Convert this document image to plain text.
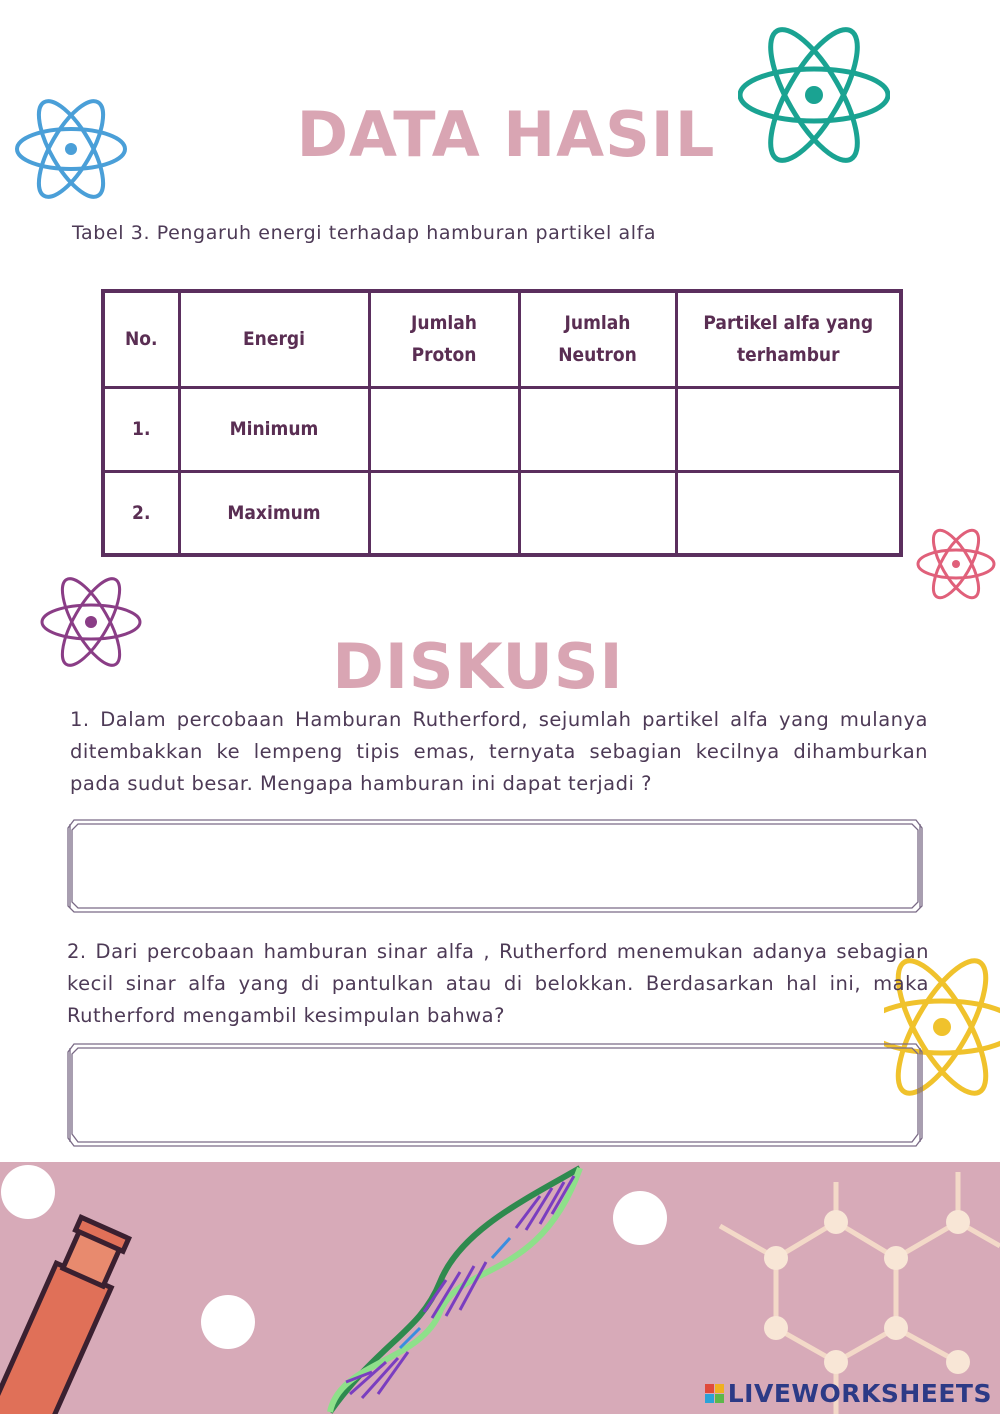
DATA HASIL
Tabel 3. Pengaruh energi terhadap hamburan partikel alfa
No.	Energi	Jumlah Proton	Jumlah Neutron	Partikel alfa yang terhambur
1.	Minimum			
2.	Maximum			
DISKUSI
1. Dalam percobaan Hamburan Rutherford, sejumlah partikel alfa yang mulanya ditembakkan ke lempeng tipis emas, ternyata sebagian kecilnya dihamburkan pada sudut besar. Mengapa hamburan ini dapat terjadi ?
2. Dari percobaan hamburan sinar alfa , Rutherford menemukan adanya sebagian kecil sinar alfa yang di pantulkan atau di belokkan. Berdasarkan hal ini, maka Rutherford mengambil kesimpulan bahwa?
LIVEWORKSHEETS
